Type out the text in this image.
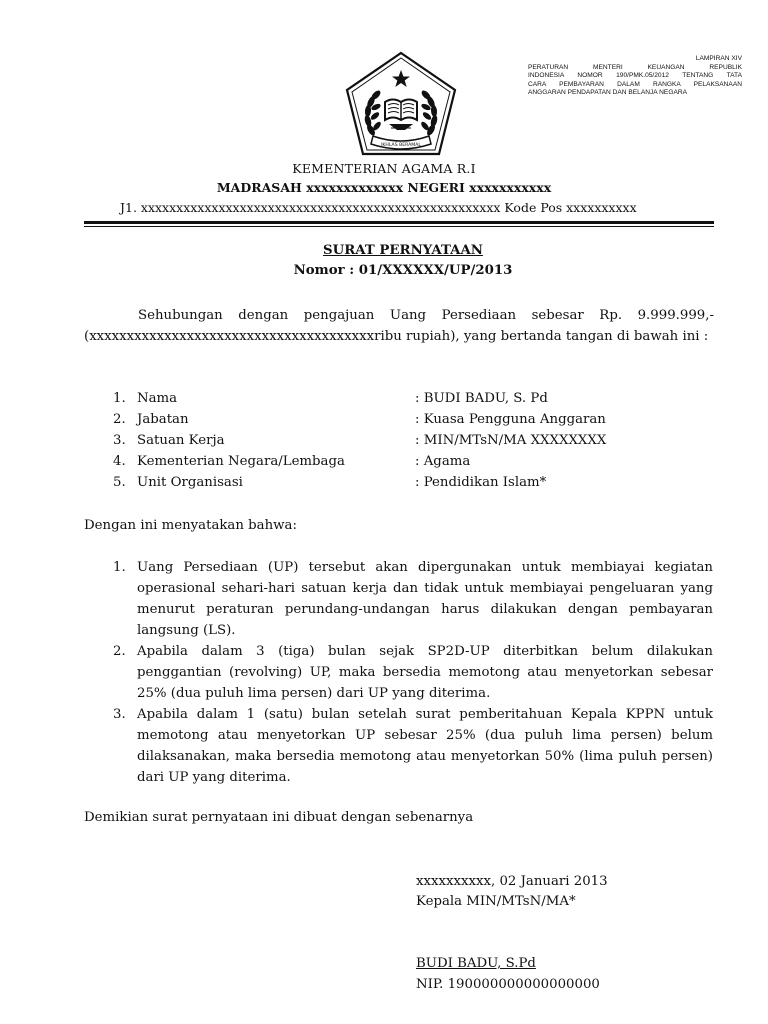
LAMPIRAN XIV
PERATURAN MENTERI KEUANGAN REPUBLIK
INDONESIA NOMOR 190/PMK.05/2012 TENTANG TATA
CARA PEMBAYARAN DALAM RANGKA PELAKSANAAN
ANGGARAN PENDAPATAN DAN BELANJA NEGARA
IKHLAS BERAMAL
KEMENTERIAN AGAMA R.I
MADRASAH xxxxxxxxxxxxx NEGERI xxxxxxxxxxx
J1. xxxxxxxxxxxxxxxxxxxxxxxxxxxxxxxxxxxxxxxxxxxxxxxxxxx Kode Pos xxxxxxxxxx
SURAT PERNYATAAN
Nomor : 01/XXXXXX/UP/2013
Sehubungan dengan pengajuan Uang Persediaan sebesar Rp. 9.999.999,- (xxxxxxxxxxxxxxxxxxxxxxxxxxxxxxxxxxxxxxribu rupiah), yang bertanda tangan di bawah ini :
1. Nama	: BUDI BADU, S. Pd
2. Jabatan	: Kuasa Pengguna Anggaran
3. Satuan Kerja	: MIN/MTsN/MA XXXXXXXX
4. Kementerian Negara/Lembaga	: Agama
5. Unit Organisasi	: Pendidikan Islam*
Dengan ini menyatakan bahwa:
1. Uang Persediaan (UP) tersebut akan dipergunakan untuk membiayai kegiatan operasional sehari-hari satuan kerja dan tidak untuk membiayai pengeluaran yang menurut peraturan perundang-undangan harus dilakukan dengan pembayaran langsung (LS).
2. Apabila dalam 3 (tiga) bulan sejak SP2D-UP diterbitkan belum dilakukan penggantian (revolving) UP, maka bersedia memotong atau menyetorkan sebesar 25% (dua puluh lima persen) dari UP yang diterima.
3. Apabila dalam 1 (satu) bulan setelah surat pemberitahuan Kepala KPPN untuk memotong atau menyetorkan UP sebesar 25% (dua puluh lima persen) belum dilaksanakan, maka bersedia memotong atau menyetorkan 50% (lima puluh persen) dari UP yang diterima.
Demikian surat pernyataan ini dibuat dengan sebenarnya
xxxxxxxxxx, 02 Januari 2013
Kepala MIN/MTsN/MA*
BUDI BADU, S.Pd
NIP. 190000000000000000
